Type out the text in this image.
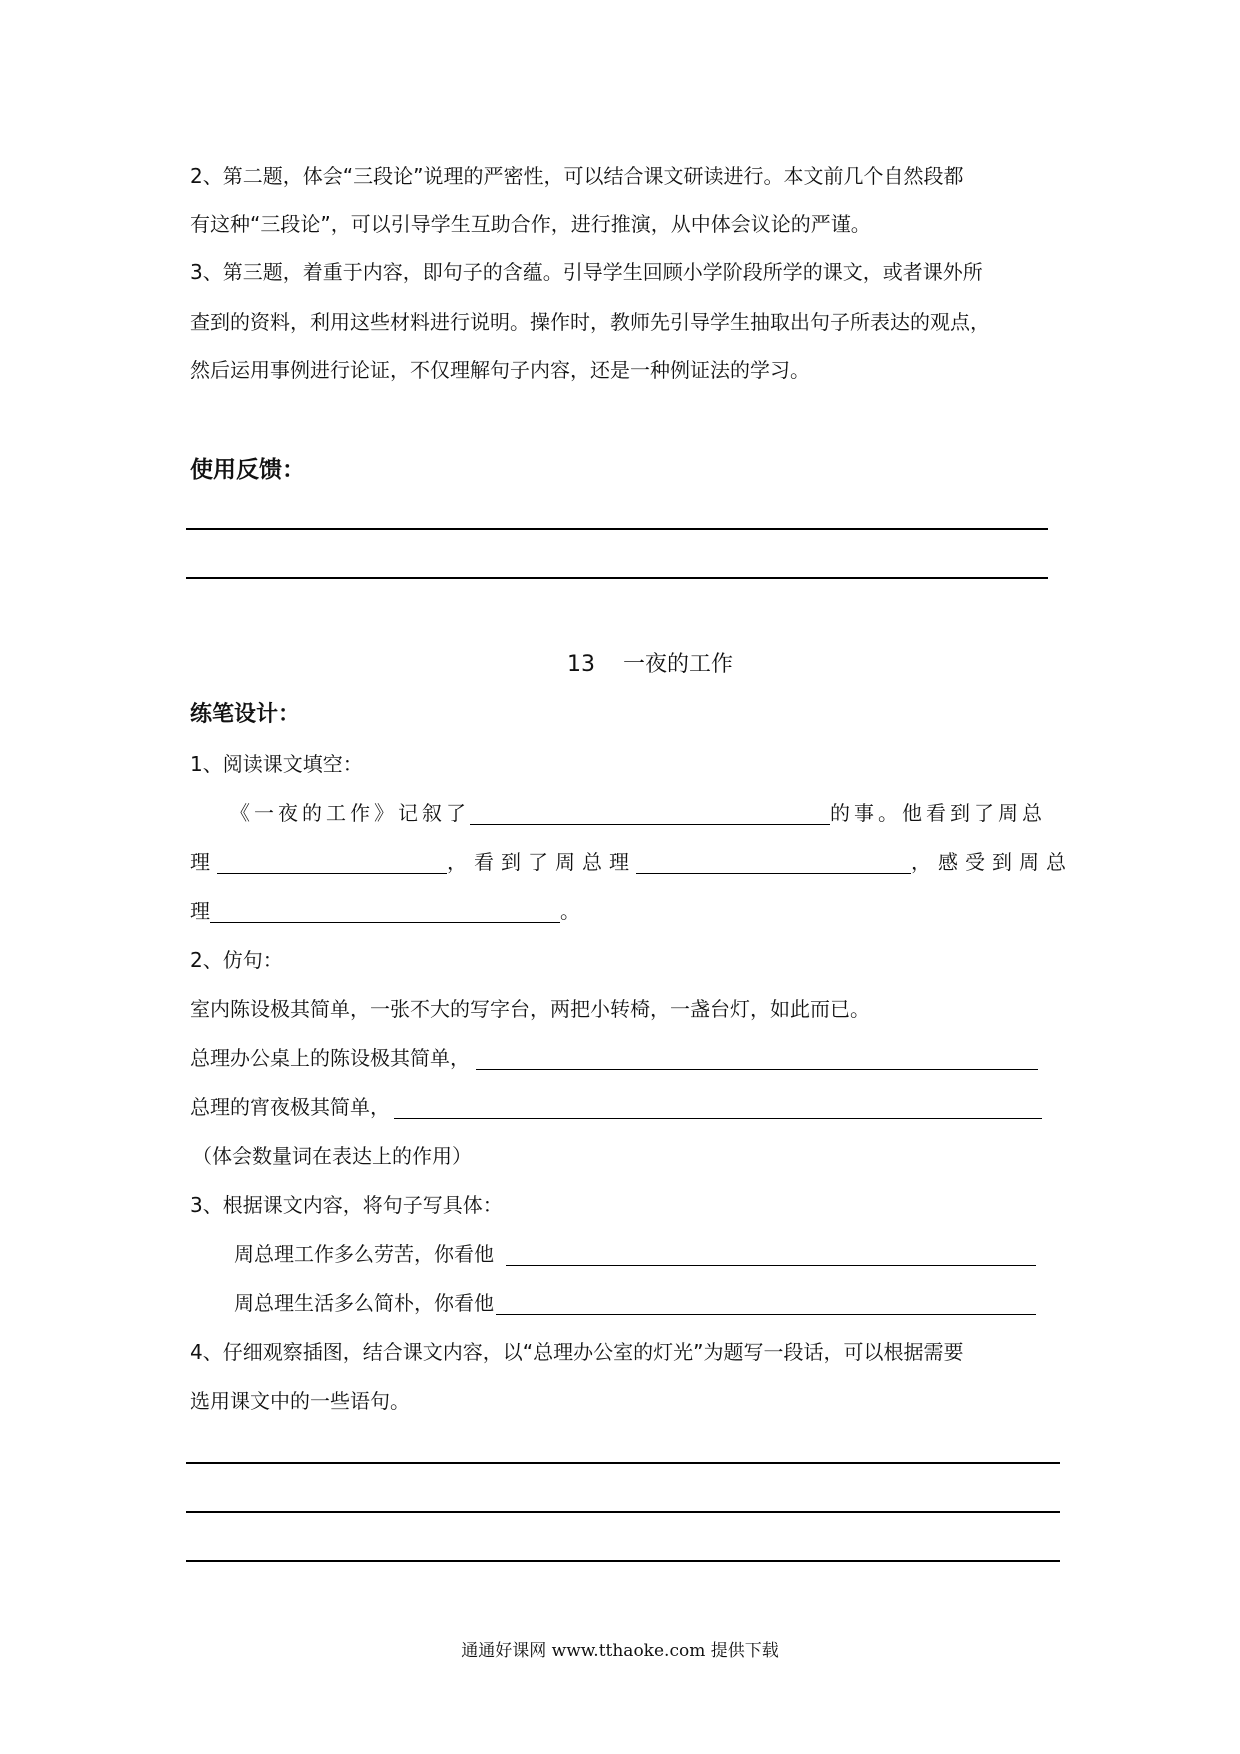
2、第二题，体会“三段论”说理的严密性，可以结合课文研读进行。本文前几个自然段都
有这种“三段论”，可以引导学生互助合作，进行推演，从中体会议论的严谨。
3、第三题，着重于内容，即句子的含蕴。引导学生回顾小学阶段所学的课文，或者课外所
查到的资料，利用这些材料进行说明。操作时，教师先引导学生抽取出句子所表达的观点，
然后运用事例进行论证，不仅理解句子内容，还是一种例证法的学习。
使用反馈：
13 一夜的工作
练笔设计：
1、阅读课文填空：
《一夜的工作》记叙了	的事。他看到了周总
理	，看到了周总理	，感受到周总
理	。
2、仿句：
室内陈设极其简单，一张不大的写字台，两把小转椅，一盏台灯，如此而已。
总理办公桌上的陈设极其简单，
总理的宵夜极其简单，
（体会数量词在表达上的作用）
3、根据课文内容，将句子写具体：
周总理工作多么劳苦，你看他
周总理生活多么简朴，你看他
4、仔细观察插图，结合课文内容，以“总理办公室的灯光”为题写一段话，可以根据需要
选用课文中的一些语句。
通通好课网 www.tthaoke.com 提供下载
